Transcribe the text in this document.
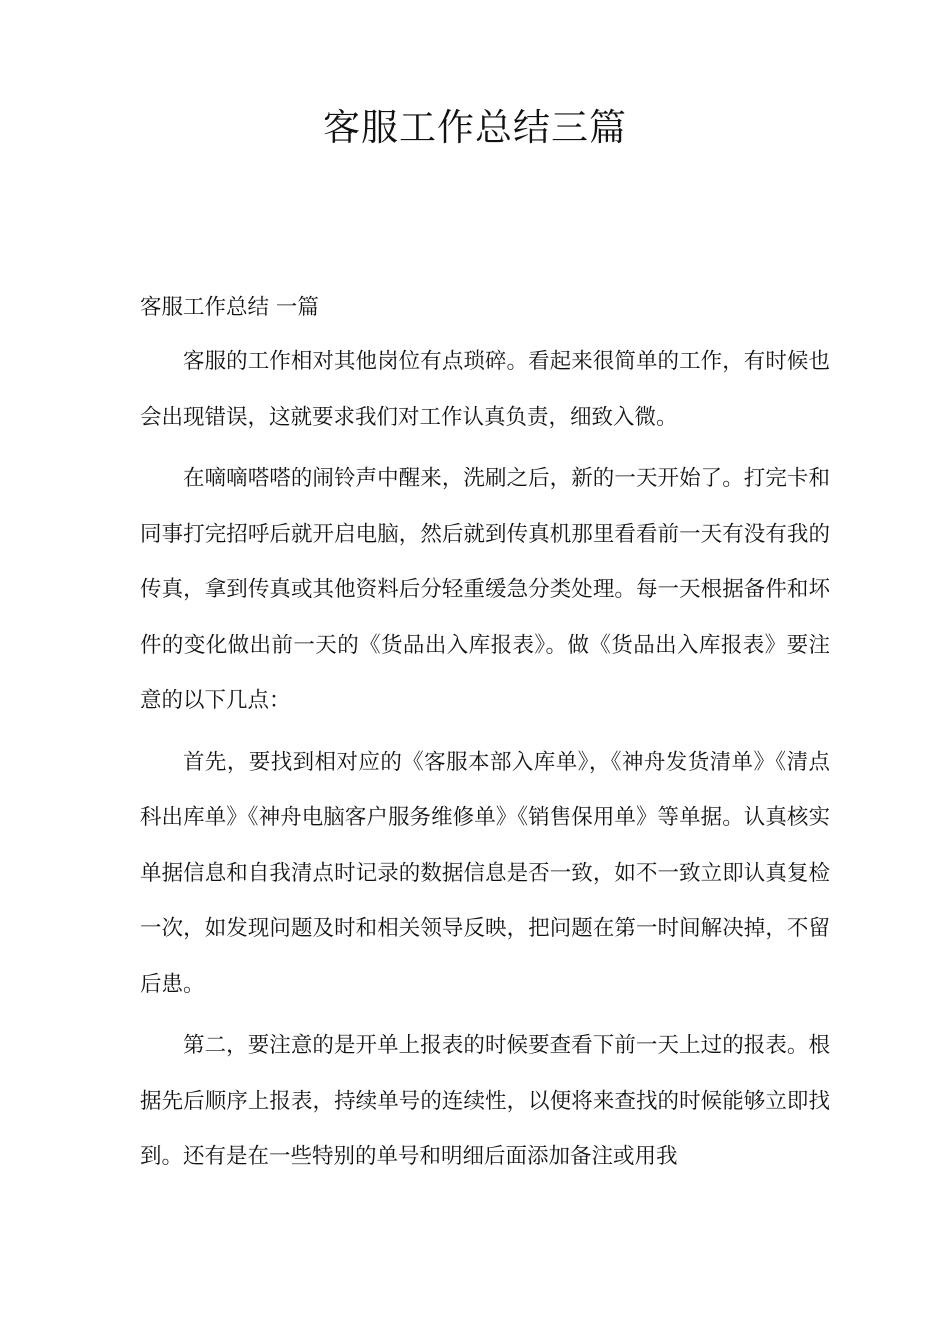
客服工作总结三篇
客服工作总结 一篇

客服的工作相对其他岗位有点琐碎。看起来很简单的工作，有时候也会出现错误，这就要求我们对工作认真负责，细致入微。

在嘀嘀嗒嗒的闹铃声中醒来，洗刷之后，新的一天开始了。打完卡和同事打完招呼后就开启电脑，然后就到传真机那里看看前一天有没有我的传真，拿到传真或其他资料后分轻重缓急分类处理。每一天根据备件和坏件的变化做出前一天的《货品出入库报表》。做《货品出入库报表》要注意的以下几点：

首先，要找到相对应的《客服本部入库单》，《神舟发货清单》《清点科出库单》《神舟电脑客户服务维修单》《销售保用单》等单据。认真核实单据信息和自我清点时记录的数据信息是否一致，如不一致立即认真复检一次，如发现问题及时和相关领导反映，把问题在第一时间解决掉，不留后患。

第二，要注意的是开单上报表的时候要查看下前一天上过的报表。根据先后顺序上报表，持续单号的连续性，以便将来查找的时候能够立即找到。还有是在一些特别的单号和明细后面添加备注或用我
